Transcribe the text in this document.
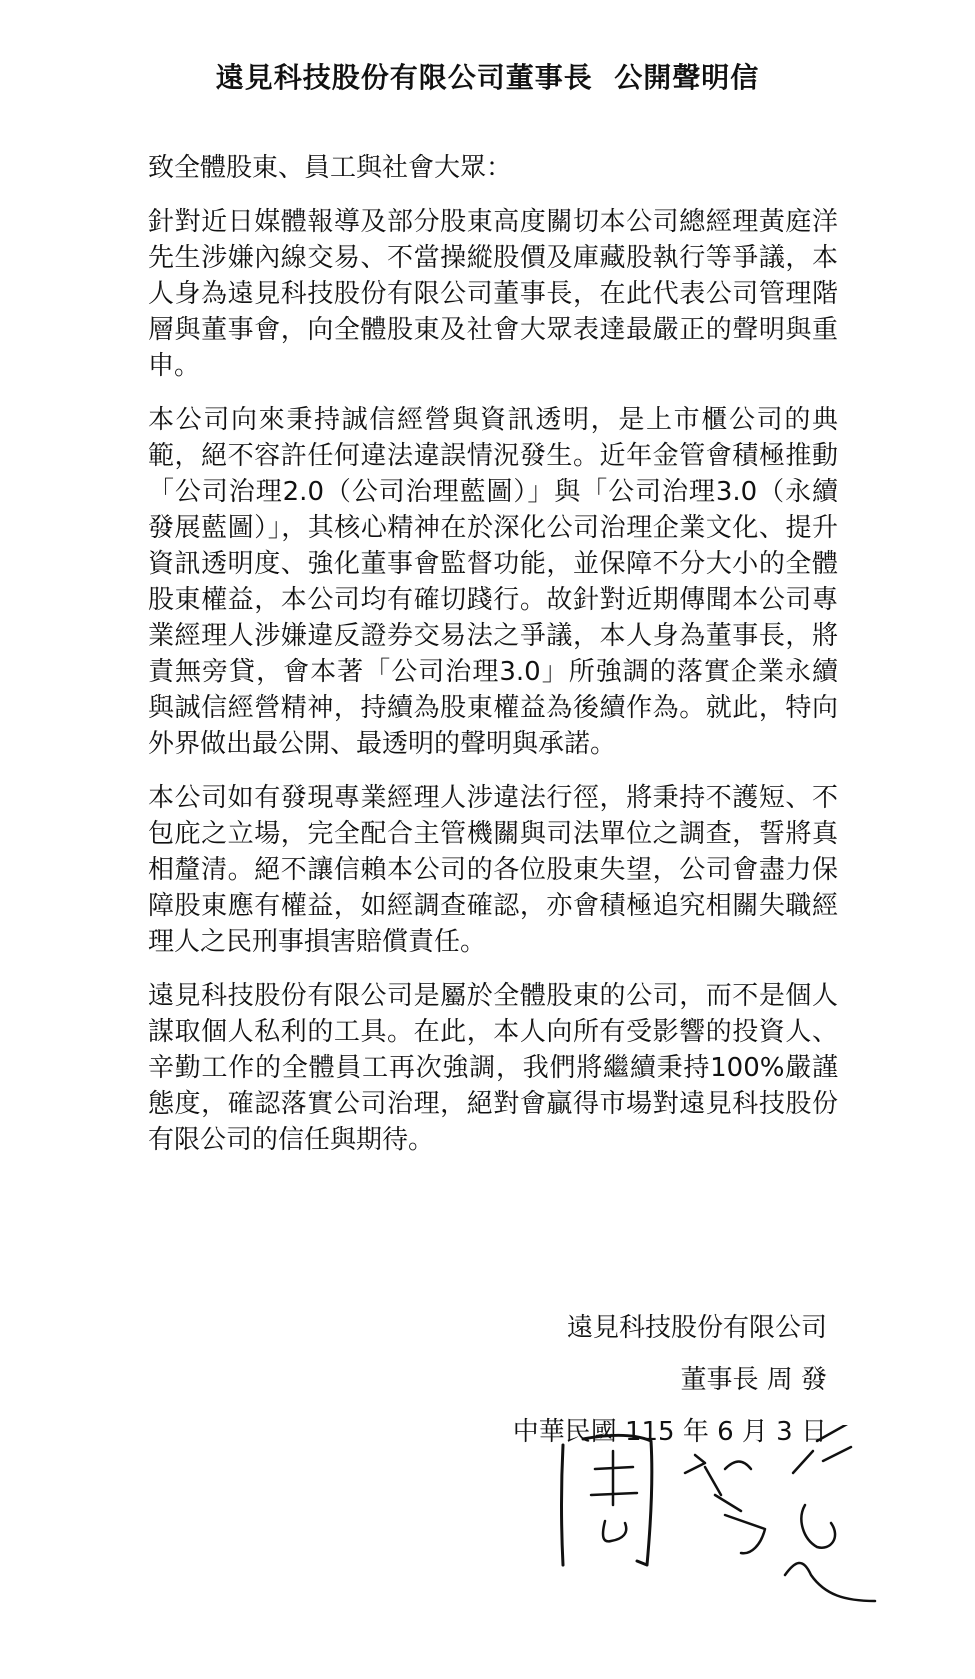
遠見科技股份有限公司董事長  公開聲明信
致全體股東、員工與社會大眾：

針對近日媒體報導及部分股東高度關切本公司總經理黃庭洋先生涉嫌內線交易、不當操縱股價及庫藏股執行等爭議，本人身為遠見科技股份有限公司董事長，在此代表公司管理階層與董事會，向全體股東及社會大眾表達最嚴正的聲明與重申。

本公司向來秉持誠信經營與資訊透明，是上市櫃公司的典範，絕不容許任何違法違誤情況發生。近年金管會積極推動「公司治理2.0（公司治理藍圖）」與「公司治理3.0（永續發展藍圖）」，其核心精神在於深化公司治理企業文化、提升資訊透明度、強化董事會監督功能，並保障不分大小的全體股東權益，本公司均有確切踐行。故針對近期傳聞本公司專業經理人涉嫌違反證券交易法之爭議，本人身為董事長，將責無旁貸，會本著「公司治理3.0」所強調的落實企業永續與誠信經營精神，持續為股東權益為後續作為。就此，特向外界做出最公開、最透明的聲明與承諾。

本公司如有發現專業經理人涉違法行徑，將秉持不護短、不包庇之立場，完全配合主管機關與司法單位之調查，誓將真相釐清。絕不讓信賴本公司的各位股東失望，公司會盡力保障股東應有權益，如經調查確認，亦會積極追究相關失職經理人之民刑事損害賠償責任。

遠見科技股份有限公司是屬於全體股東的公司，而不是個人謀取個人私利的工具。在此，本人向所有受影響的投資人、辛勤工作的全體員工再次強調，我們將繼續秉持100%嚴謹態度，確認落實公司治理，絕對會贏得市場對遠見科技股份有限公司的信任與期待。

遠見科技股份有限公司
董事長 周 發
中華民國 115 年 6 月 3 日
